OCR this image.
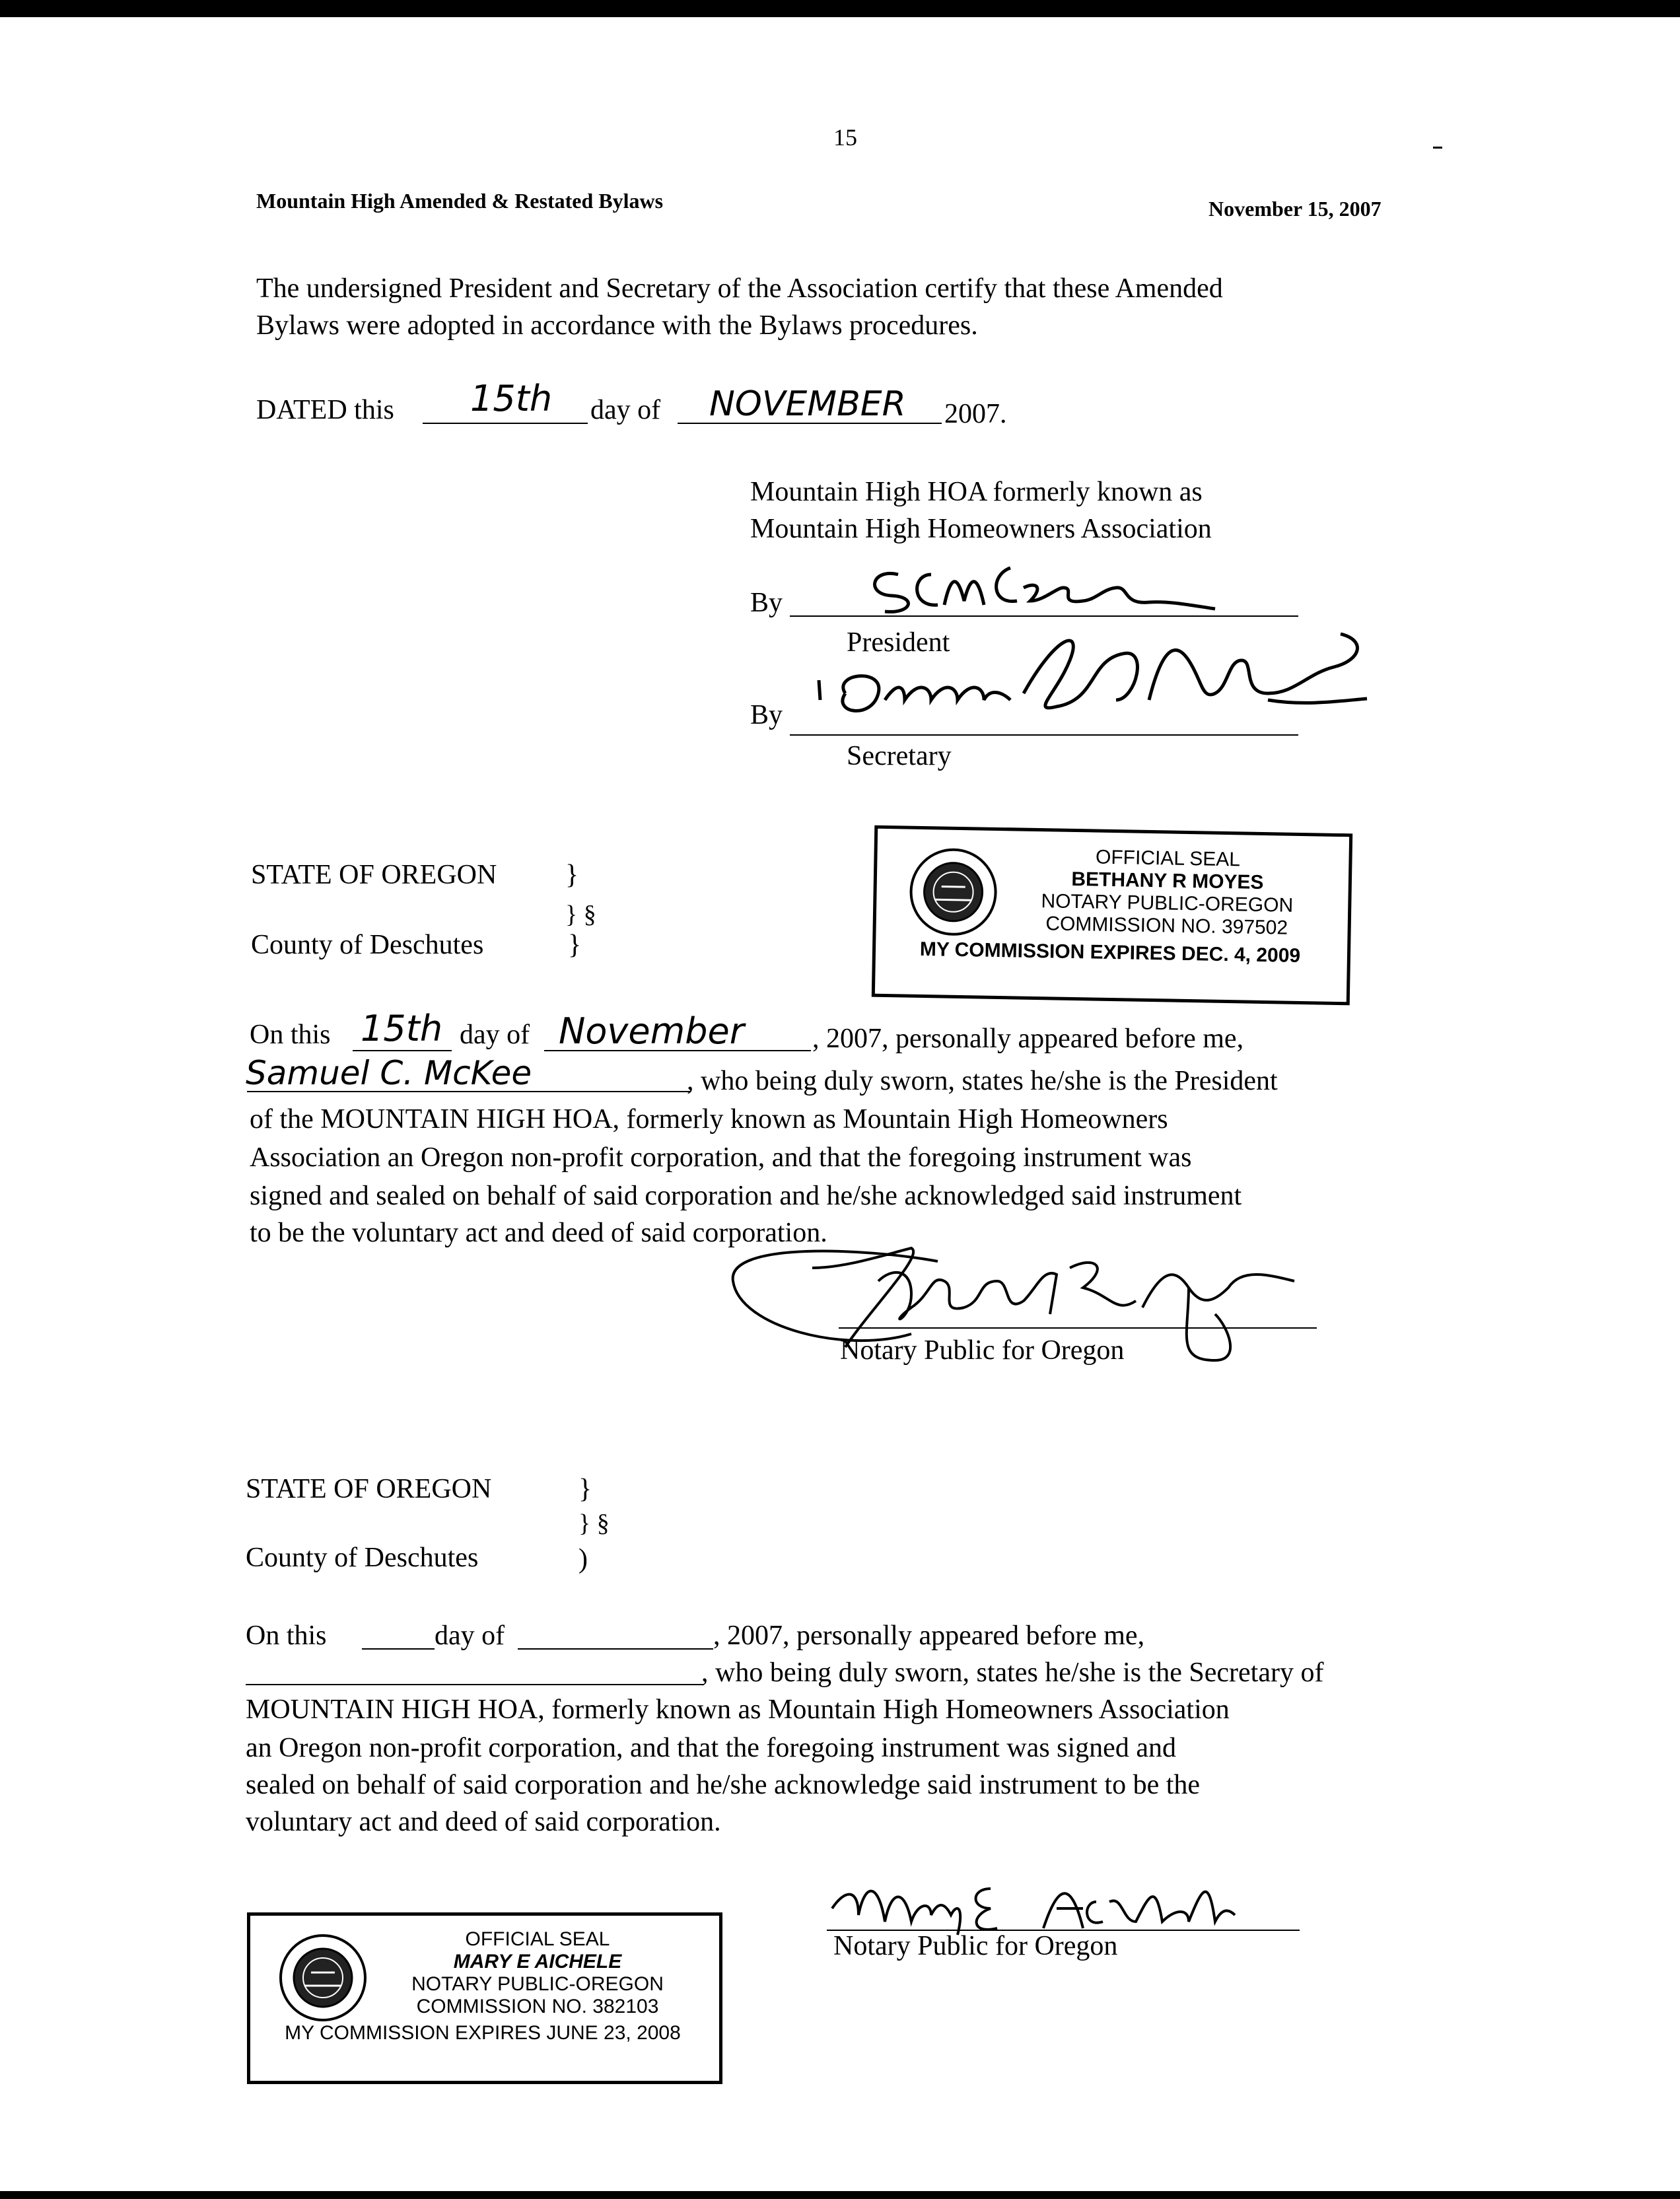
15
Mountain High Amended & Restated Bylaws	November 15, 2007
The undersigned President and Secretary of the Association certify that these Amended
Bylaws were adopted in accordance with the Bylaws procedures.
DATED this 15th day of NOVEMBER 2007.
Mountain High HOA formerly known as
Mountain High Homeowners Association
By
President
By
Secretary
STATE OF OREGON }
} §
County of Deschutes	}
OFFICIAL SEAL
BETHANY R MOYES
NOTARY PUBLIC-OREGON
COMMISSION NO. 397502
MY COMMISSION EXPIRES DEC. 4, 2009
On this 15th day of November , 2007, personally appeared before me,
Samuel C. McKee	, who being duly sworn, states he/she is the President
of the MOUNTAIN HIGH HOA, formerly known as Mountain High Homeowners
Association an Oregon non-profit corporation, and that the foregoing instrument was
signed and sealed on behalf of said corporation and he/she acknowledged said instrument
to be the voluntary act and deed of said corporation.
Notary Public for Oregon
STATE OF OREGON	}
} §
County of Deschutes	)
On this	day of	, 2007, personally appeared before me,
, who being duly sworn, states he/she is the Secretary of
MOUNTAIN HIGH HOA, formerly known as Mountain High Homeowners Association
an Oregon non-profit corporation, and that the foregoing instrument was signed and
sealed on behalf of said corporation and he/she acknowledge said instrument to be the
voluntary act and deed of said corporation.
Notary Public for Oregon
OFFICIAL SEAL
MARY E AICHELE
NOTARY PUBLIC-OREGON
COMMISSION NO. 382103
MY COMMISSION EXPIRES JUNE 23, 2008
